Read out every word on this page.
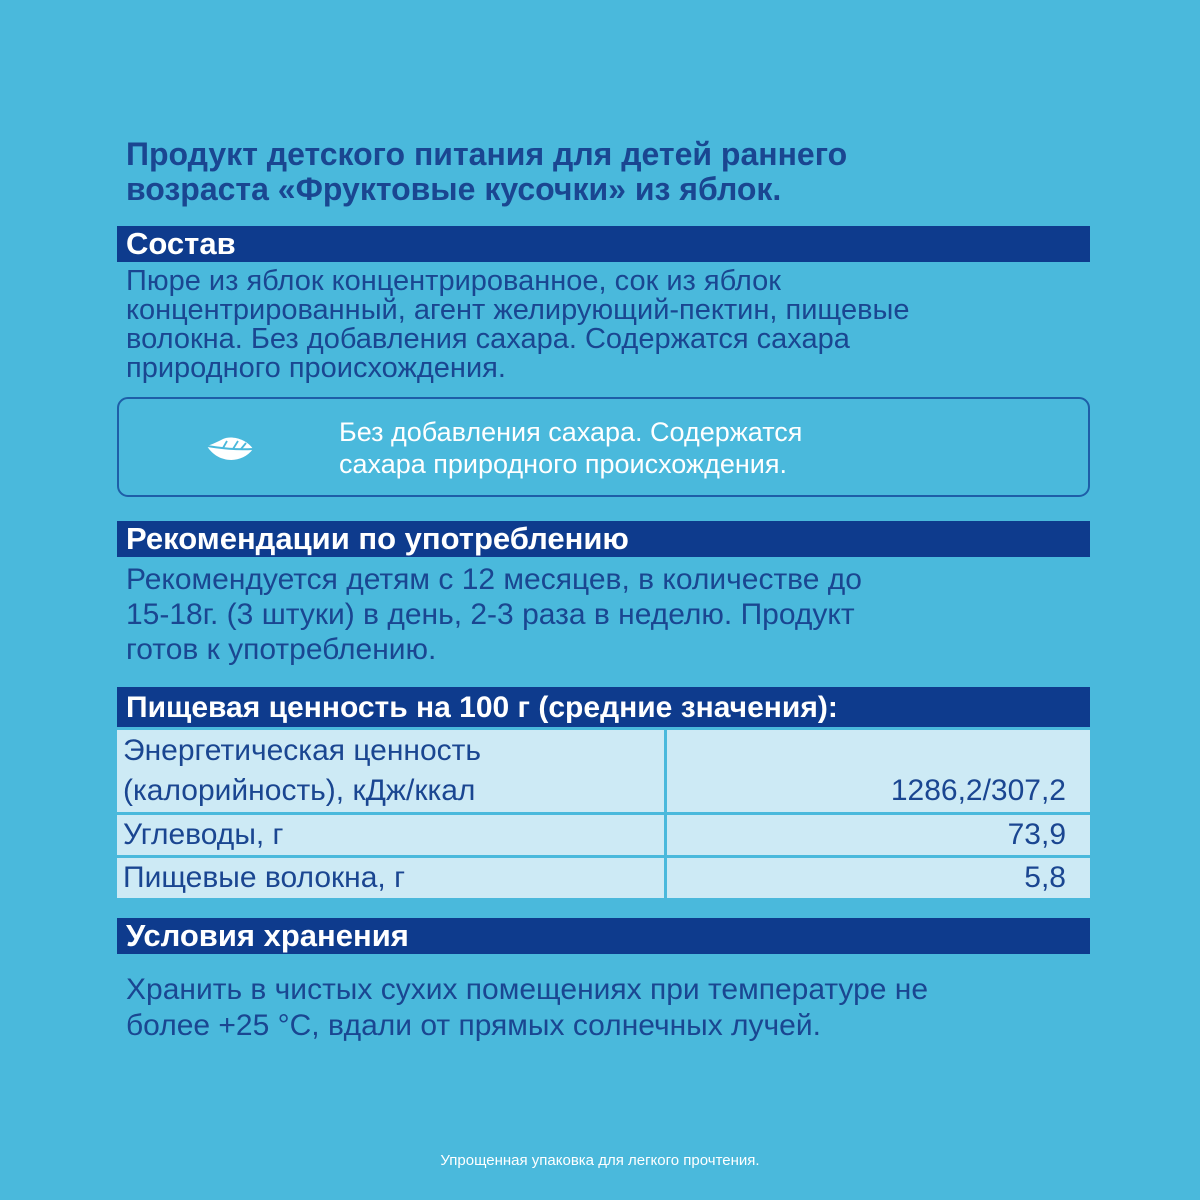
Продукт детского питания для детей раннего
возраста «Фруктовые кусочки» из яблок.
Состав
Пюре из яблок концентрированное, сок из яблок
концентрированный, агент желирующий-пектин, пищевые
волокна. Без добавления сахара. Содержатся сахара
природного происхождения.
Без добавления сахара. Содержатся
сахара природного происхождения.
Рекомендации по употреблению
Рекомендуется детям с 12 месяцев, в количестве до
15-18г. (3 штуки) в день, 2-3 раза в неделю. Продукт
готов к употреблению.
Пищевая ценность на 100 г (средние значения):	

Энергетическая ценность
(калорийность), кДж/ккал	1286,2/307,2
Углеводы, г	73,9
Пищевые волокна, г	5,8
Условия хранения
Хранить в чистых сухих помещениях при температуре не
более +25 °С, вдали от прямых солнечных лучей.
Упрощенная упаковка для легкого прочтения.
